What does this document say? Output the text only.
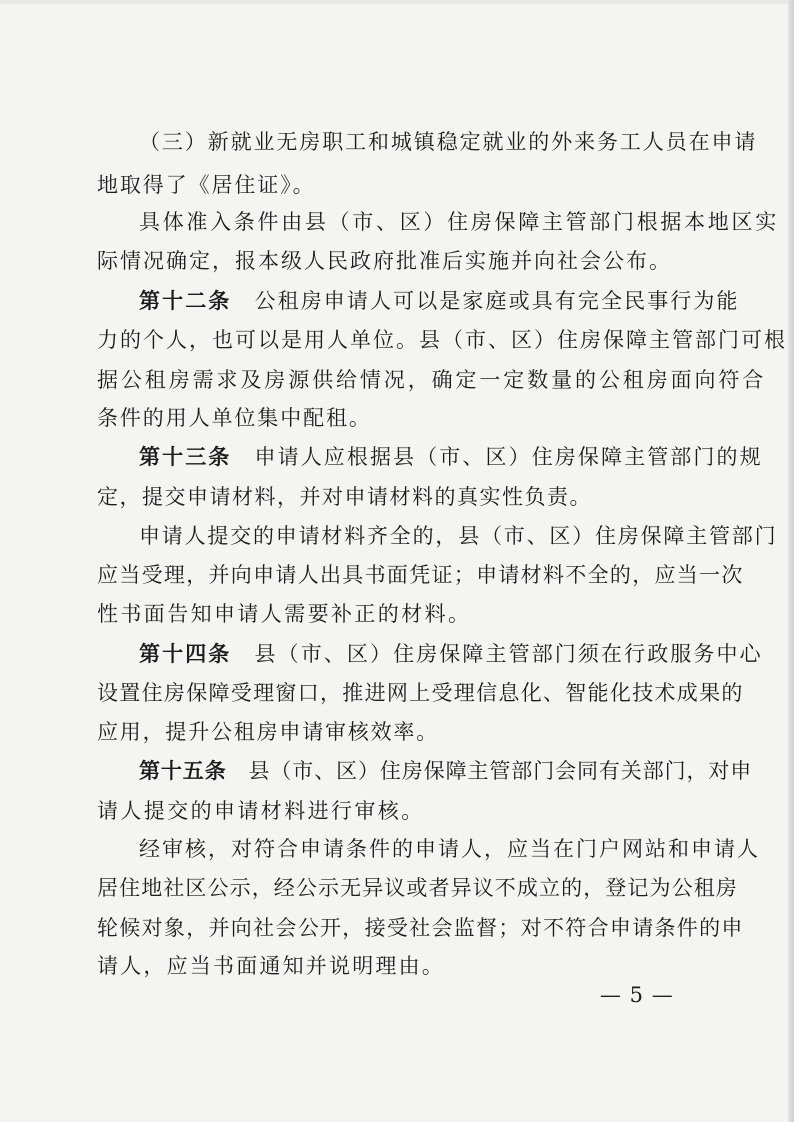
（三）新就业无房职工和城镇稳定就业的外来务工人员在申请
地取得了《居住证》。
具体准入条件由县（市、区）住房保障主管部门根据本地区实
际情况确定，报本级人民政府批准后实施并向社会公布。
第十二条　公租房申请人可以是家庭或具有完全民事行为能
力的个人，也可以是用人单位。县（市、区）住房保障主管部门可根
据公租房需求及房源供给情况，确定一定数量的公租房面向符合
条件的用人单位集中配租。
第十三条　申请人应根据县（市、区）住房保障主管部门的规
定，提交申请材料，并对申请材料的真实性负责。
申请人提交的申请材料齐全的，县（市、区）住房保障主管部门
应当受理，并向申请人出具书面凭证；申请材料不全的，应当一次
性书面告知申请人需要补正的材料。
第十四条　县（市、区）住房保障主管部门须在行政服务中心
设置住房保障受理窗口，推进网上受理信息化、智能化技术成果的
应用，提升公租房申请审核效率。
第十五条　县（市、区）住房保障主管部门会同有关部门，对申
请人提交的申请材料进行审核。
经审核，对符合申请条件的申请人，应当在门户网站和申请人
居住地社区公示，经公示无异议或者异议不成立的，登记为公租房
轮候对象，并向社会公开，接受社会监督；对不符合申请条件的申
请人，应当书面通知并说明理由。
— 5 —
